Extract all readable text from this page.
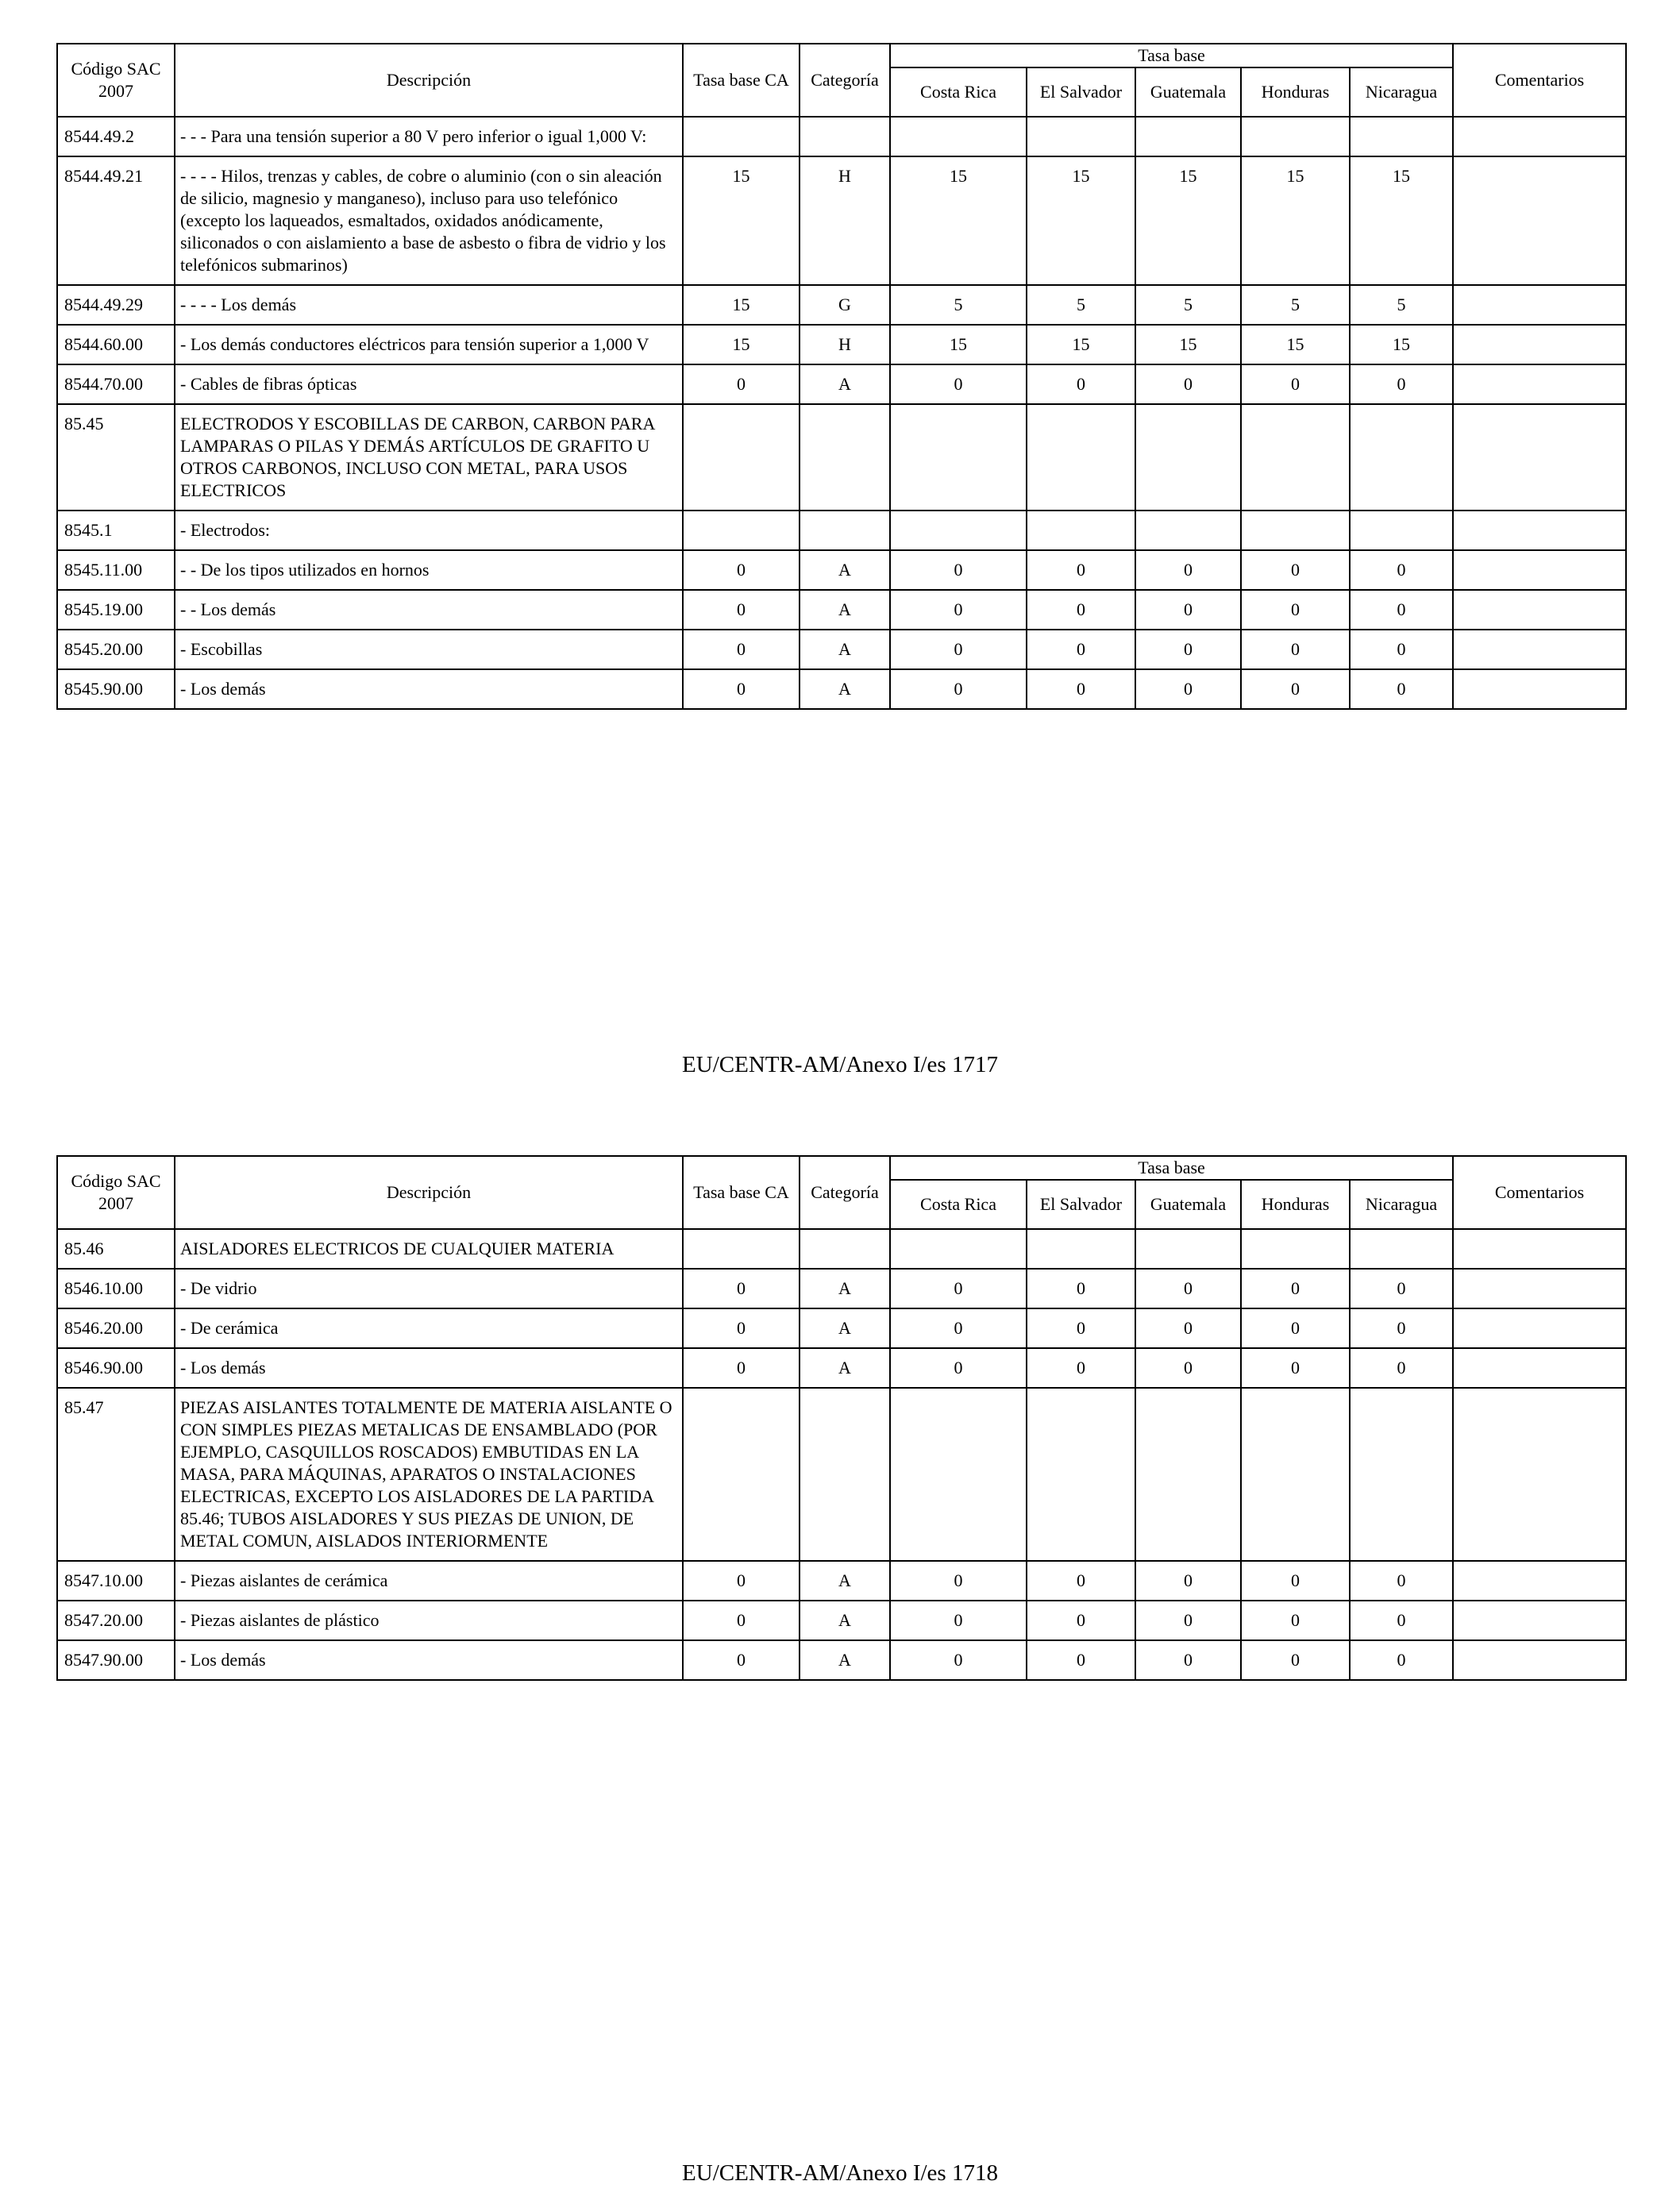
Código SAC 2007	Descripción	Tasa base CA	Categoría	Tasa base					Comentarios
				Costa Rica	El Salvador	Guatemala	Honduras	Nicaragua	
8544.49.2	- - - Para una tensión superior a 80 V pero inferior o igual 1,000 V:								
8544.49.21	- - - - Hilos, trenzas y cables, de cobre o aluminio (con o sin aleación de silicio, magnesio y manganeso), incluso para uso telefónico (excepto los laqueados, esmaltados, oxidados anódicamente, siliconados o con aislamiento a base de asbesto o fibra de vidrio y los telefónicos submarinos)	15	H	15	15	15	15	15	
8544.49.29	- - - - Los demás	15	G	5	5	5	5	5	
8544.60.00	- Los demás conductores eléctricos para tensión superior a 1,000 V	15	H	15	15	15	15	15	
8544.70.00	- Cables de fibras ópticas	0	A	0	0	0	0	0	
85.45	ELECTRODOS Y ESCOBILLAS DE CARBON, CARBON PARA LAMPARAS O PILAS Y DEMÁS ARTÍCULOS DE GRAFITO U OTROS CARBONOS, INCLUSO CON METAL, PARA USOS ELECTRICOS								
8545.1	- Electrodos:								
8545.11.00	- - De los tipos utilizados en hornos	0	A	0	0	0	0	0	
8545.19.00	- - Los demás	0	A	0	0	0	0	0	
8545.20.00	- Escobillas	0	A	0	0	0	0	0	
8545.90.00	- Los demás	0	A	0	0	0	0	0	
EU/CENTR-AM/Anexo I/es 1717
Código SAC 2007	Descripción	Tasa base CA	Categoría	Tasa base					Comentarios
				Costa Rica	El Salvador	Guatemala	Honduras	Nicaragua	
85.46	AISLADORES ELECTRICOS DE CUALQUIER MATERIA								
8546.10.00	- De vidrio	0	A	0	0	0	0	0	
8546.20.00	- De cerámica	0	A	0	0	0	0	0	
8546.90.00	- Los demás	0	A	0	0	0	0	0	
85.47	PIEZAS AISLANTES TOTALMENTE DE MATERIA AISLANTE O CON SIMPLES PIEZAS METALICAS DE ENSAMBLADO (POR EJEMPLO, CASQUILLOS ROSCADOS) EMBUTIDAS EN LA MASA, PARA MÁQUINAS, APARATOS O INSTALACIONES ELECTRICAS, EXCEPTO LOS AISLADORES DE LA PARTIDA 85.46; TUBOS AISLADORES Y SUS PIEZAS DE UNION, DE METAL COMUN, AISLADOS INTERIORMENTE								
8547.10.00	- Piezas aislantes de cerámica	0	A	0	0	0	0	0	
8547.20.00	- Piezas aislantes de plástico	0	A	0	0	0	0	0	
8547.90.00	- Los demás	0	A	0	0	0	0	0	
EU/CENTR-AM/Anexo I/es 1718
